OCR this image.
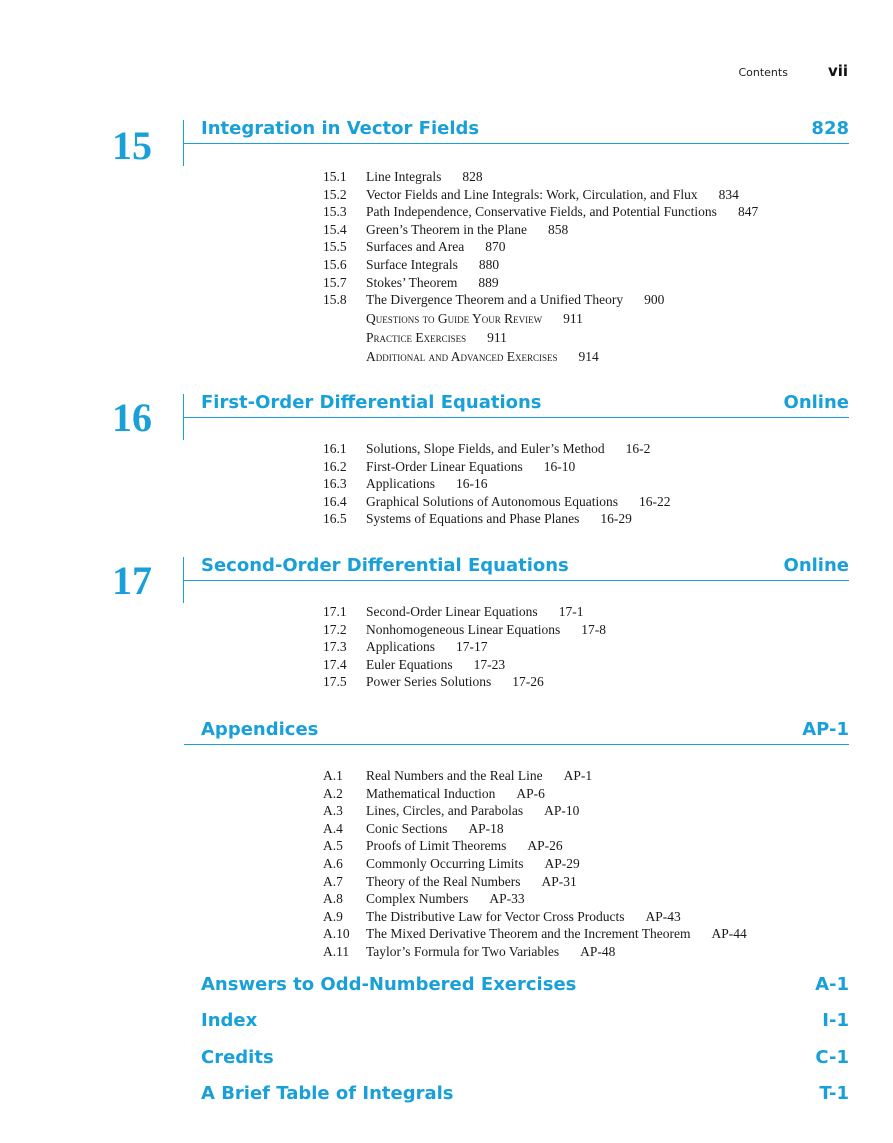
Contents	vii
15	Integration in Vector Fields	828
15.1 Line Integrals 828
15.2 Vector Fields and Line Integrals: Work, Circulation, and Flux 834
15.3 Path Independence, Conservative Fields, and Potential Functions 847
15.4 Green’s Theorem in the Plane 858
15.5 Surfaces and Area 870
15.6 Surface Integrals 880
15.7 Stokes’ Theorem 889
15.8 The Divergence Theorem and a Unified Theory 900
Questions to Guide Your Review 911
Practice Exercises 911
Additional and Advanced Exercises 914
16	First-Order Differential Equations	Online
16.1 Solutions, Slope Fields, and Euler’s Method 16-2
16.2 First-Order Linear Equations 16-10
16.3 Applications 16-16
16.4 Graphical Solutions of Autonomous Equations 16-22
16.5 Systems of Equations and Phase Planes 16-29
17	Second-Order Differential Equations	Online
17.1 Second-Order Linear Equations 17-1
17.2 Nonhomogeneous Linear Equations 17-8
17.3 Applications 17-17
17.4 Euler Equations 17-23
17.5 Power Series Solutions 17-26
Appendices	AP-1
A.1 Real Numbers and the Real Line AP-1
A.2 Mathematical Induction AP-6
A.3 Lines, Circles, and Parabolas AP-10
A.4 Conic Sections AP-18
A.5 Proofs of Limit Theorems AP-26
A.6 Commonly Occurring Limits AP-29
A.7 Theory of the Real Numbers AP-31
A.8 Complex Numbers AP-33
A.9 The Distributive Law for Vector Cross Products AP-43
A.10 The Mixed Derivative Theorem and the Increment Theorem AP-44
A.11 Taylor’s Formula for Two Variables AP-48
Answers to Odd-Numbered Exercises	A-1
Index	I-1
Credits	C-1
A Brief Table of Integrals	T-1
